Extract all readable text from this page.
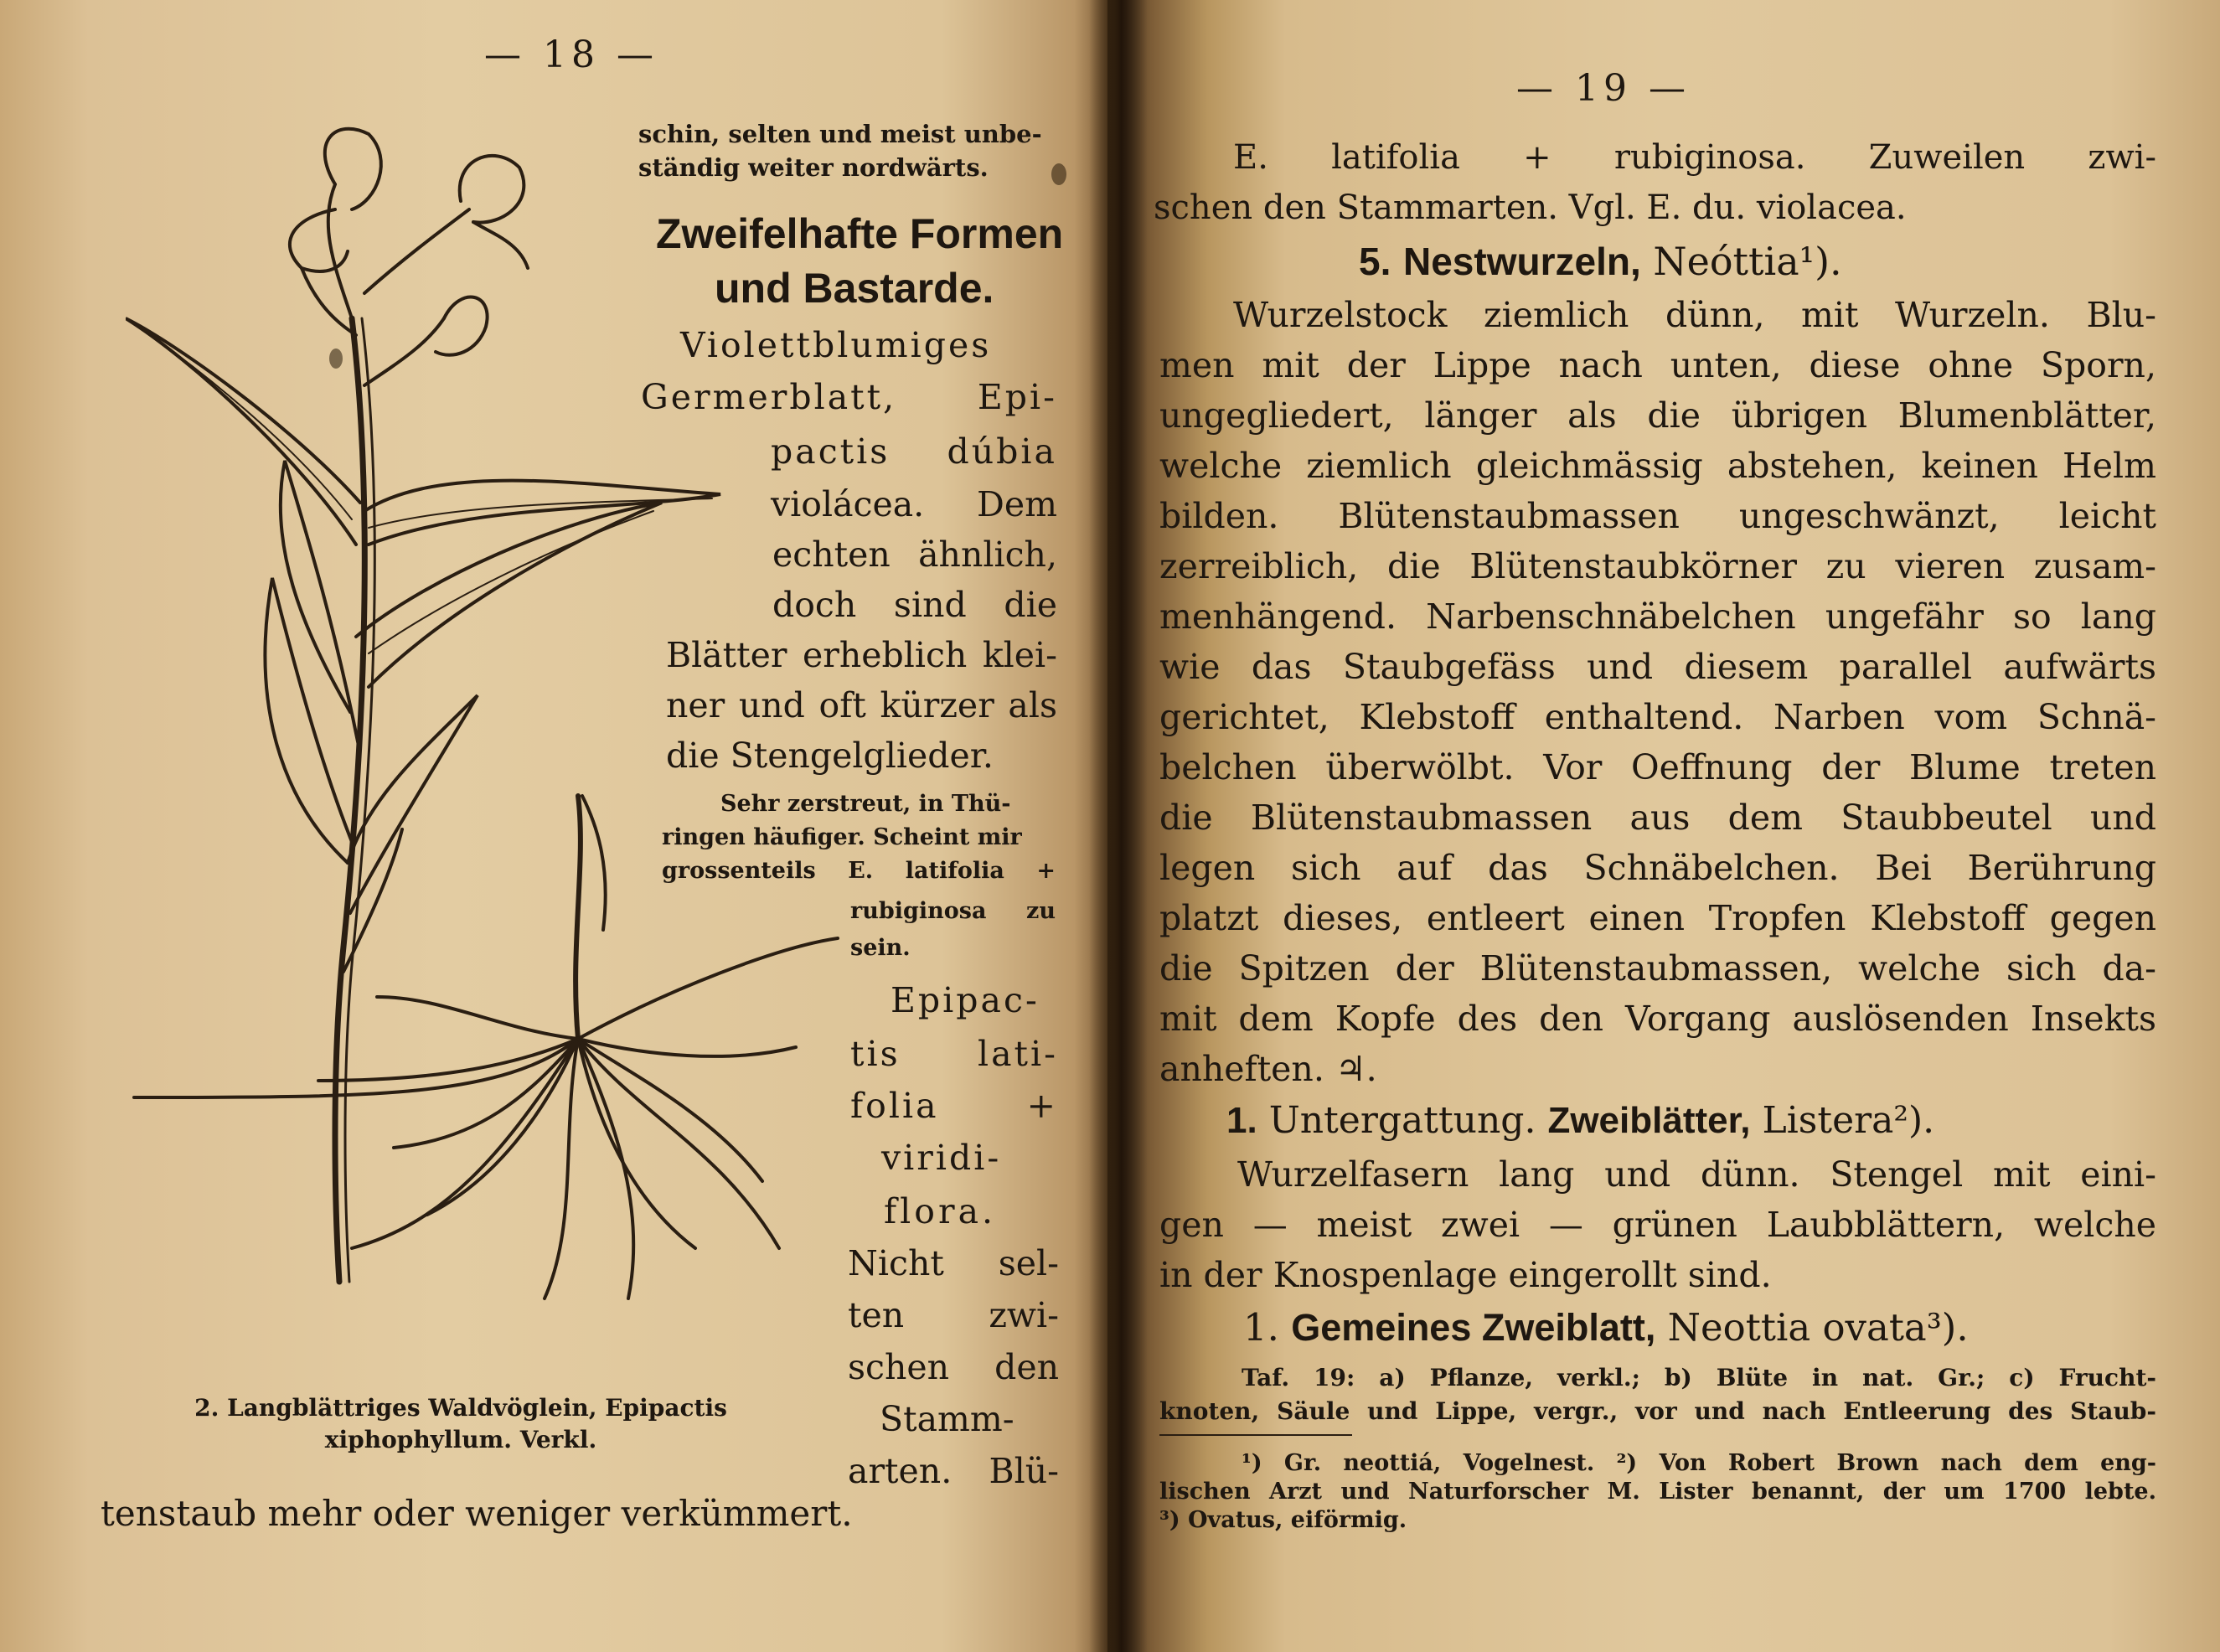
— 18 —
schin, selten und meist unbe-
ständig weiter nordwärts.
Zweifelhafte Formen
und Bastarde.
Violettblumiges
Germerblatt, Epi-
pactis dúbia
violácea. Dem
echten ähnlich,
doch sind die
Blätter erheblich klei-
ner und oft kürzer als
die Stengelglieder.
Sehr zerstreut, in Thü-
ringen häufiger. Scheint mir
grossenteils E. latifolia +
rubiginosa zu
sein.
Epipac-
tis lati-
folia +
viridi-
flora.
Nicht sel-
ten zwi-
schen den
Stamm-
arten. Blü-
2. Langblättriges Waldvöglein, Epipactis
xiphophyllum. Verkl.
tenstaub mehr oder weniger verkümmert.
— 19 —
E. latifolia + rubiginosa. Zuweilen zwi-
schen den Stammarten. Vgl. E. du. violacea.
5. Nestwurzeln, Neóttia¹).
Wurzelstock ziemlich dünn, mit Wurzeln. Blu-
men mit der Lippe nach unten, diese ohne Sporn,
ungegliedert, länger als die übrigen Blumenblätter,
welche ziemlich gleichmässig abstehen, keinen Helm
bilden. Blütenstaubmassen ungeschwänzt, leicht
zerreiblich, die Blütenstaubkörner zu vieren zusam-
menhängend. Narbenschnäbelchen ungefähr so lang
wie das Staubgefäss und diesem parallel aufwärts
gerichtet, Klebstoff enthaltend. Narben vom Schnä-
belchen überwölbt. Vor Oeffnung der Blume treten
die Blütenstaubmassen aus dem Staubbeutel und
legen sich auf das Schnäbelchen. Bei Berührung
platzt dieses, entleert einen Tropfen Klebstoff gegen
die Spitzen der Blütenstaubmassen, welche sich da-
mit dem Kopfe des den Vorgang auslösenden Insekts
anheften. ♃.
1. Untergattung. Zweiblätter, Listera²).
Wurzelfasern lang und dünn. Stengel mit eini-
gen — meist zwei — grünen Laubblättern, welche
in der Knospenlage eingerollt sind.
1. Gemeines Zweiblatt, Neottia ovata³).
Taf. 19: a) Pflanze, verkl.; b) Blüte in nat. Gr.; c) Frucht-
knoten, Säule und Lippe, vergr., vor und nach Entleerung des Staub-
¹) Gr. neottiá, Vogelnest. ²) Von Robert Brown nach dem eng-
lischen Arzt und Naturforscher M. Lister benannt, der um 1700 lebte.
³) Ovatus, eiförmig.
